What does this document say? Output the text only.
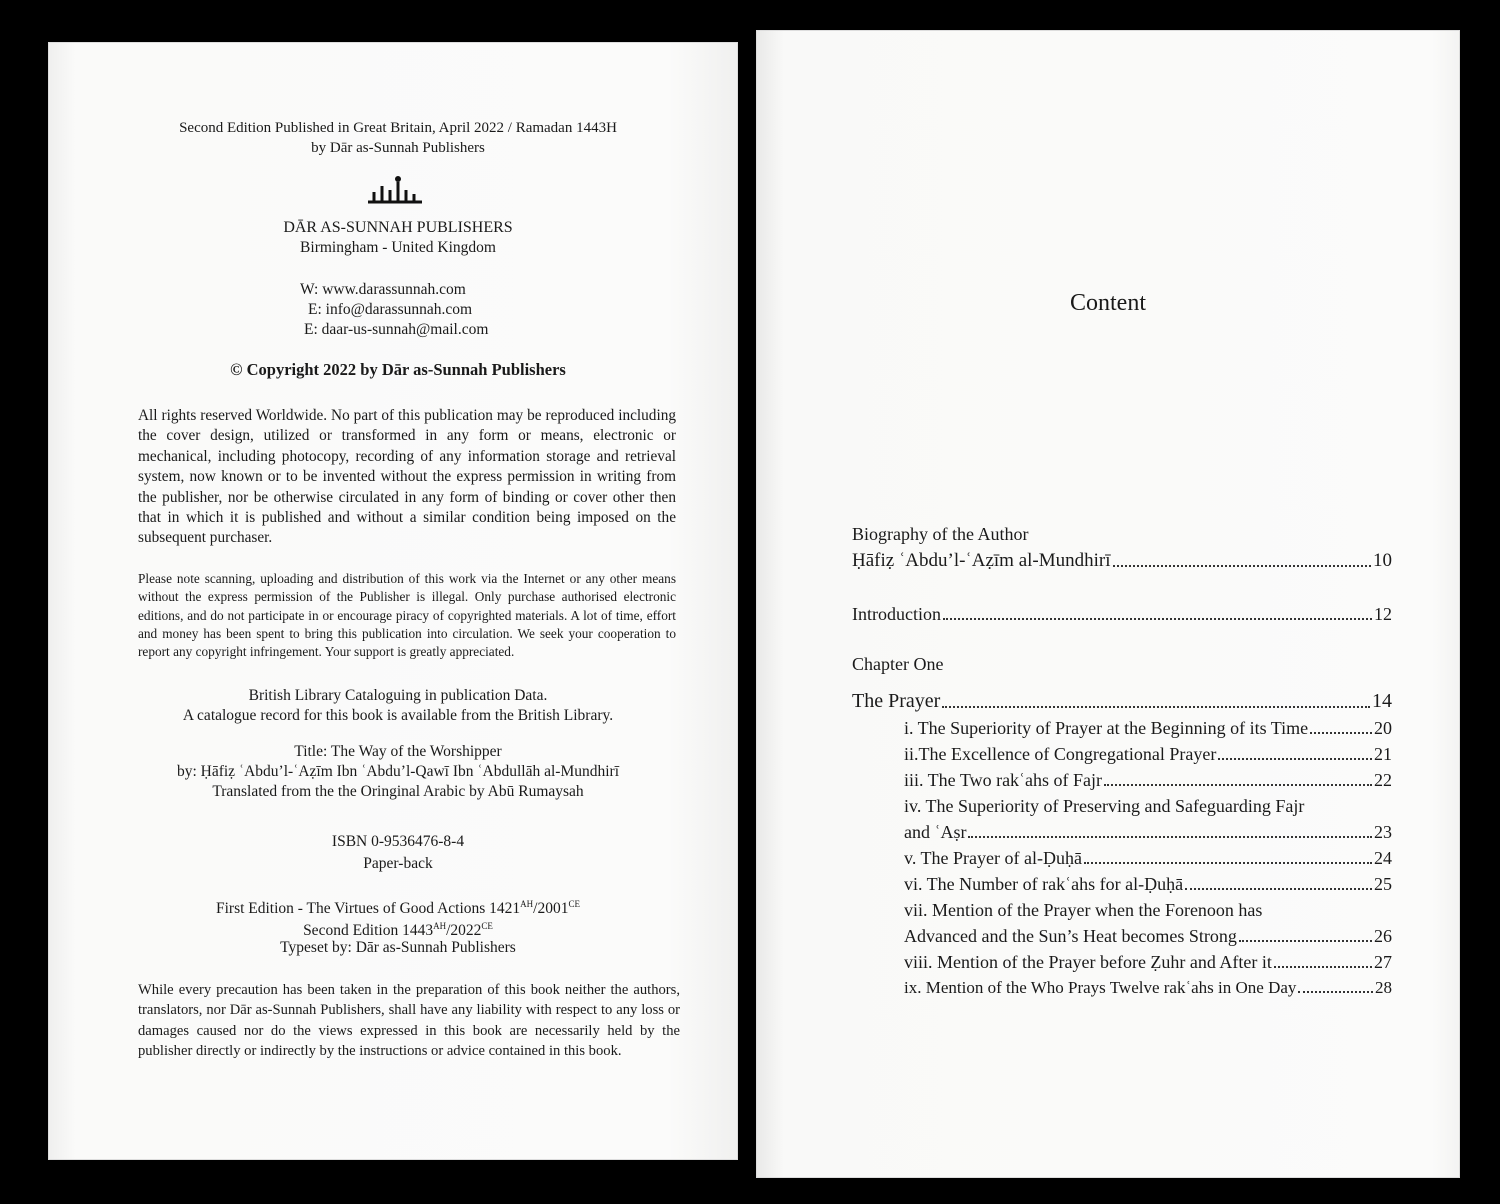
Second Edition Published in Great Britain, April 2022 / Ramadan 1443H
by Dār as-Sunnah Publishers
DĀR AS-SUNNAH PUBLISHERS
Birmingham - United Kingdom
W: www.darassunnah.com
E: info@darassunnah.com
E: daar-us-sunnah@mail.com
© Copyright 2022 by Dār as-Sunnah Publishers
All rights reserved Worldwide. No part of this publication may be reproduced including the cover design, utilized or transformed in any form or means, electronic or mechanical, including photocopy, recording of any information storage and retrieval system, now known or to be invented without the express permission in writing from the publisher, nor be otherwise circulated in any form of binding or cover other then that in which it is published and without a similar condition being imposed on the subsequent purchaser.
Please note scanning, uploading and distribution of this work via the Internet or any other means without the express permission of the Publisher is illegal. Only purchase authorised electronic editions, and do not participate in or encourage piracy of copyrighted materials. A lot of time, effort and money has been spent to bring this publication into circulation. We seek your cooperation to report any copyright infringement. Your support is greatly appreciated.
British Library Cataloguing in publication Data.
A catalogue record for this book is available from the British Library.
Title: The Way of the Worshipper
by: Ḥāfiẓ ʿAbdu’l-ʿAẓīm Ibn ʿAbdu’l-Qawī Ibn ʿAbdullāh al-Mundhirī
Translated from the the Oringinal Arabic by Abū Rumaysah
ISBN 0-9536476-8-4
Paper-back
First Edition - The Virtues of Good Actions $1421^{AH}/2001^{CE}$
Second Edition $1443^{AH}/2022^{CE}$
Typeset by: Dār as-Sunnah Publishers
While every precaution has been taken in the preparation of this book neither the authors, translators, nor Dār as-Sunnah Publishers, shall have any liability with respect to any loss or damages caused nor do the views expressed in this book are necessarily held by the publisher directly or indirectly by the instructions or advice contained in this book.
Content
Biography of the Author
Ḥāfiẓ ʿAbdu’l-ʿAẓīm al-Mundhirī	10
Introduction	12
Chapter One
The Prayer	14
i. The Superiority of Prayer at the Beginning of its Time	20
ii.The Excellence of Congregational Prayer	21
iii. The Two rakʿahs of Fajr	22
iv. The Superiority of Preserving and Safeguarding Fajr
and ʿAṣr	23
v. The Prayer of al-Ḍuḥā	24
vi. The Number of rakʿahs for al-Ḍuḥā	25
vii. Mention of the Prayer when the Forenoon has
Advanced and the Sun’s Heat becomes Strong	26
viii. Mention of the Prayer before Ẓuhr and After it	27
ix. Mention of the Who Prays Twelve rakʿahs in One Day	28
